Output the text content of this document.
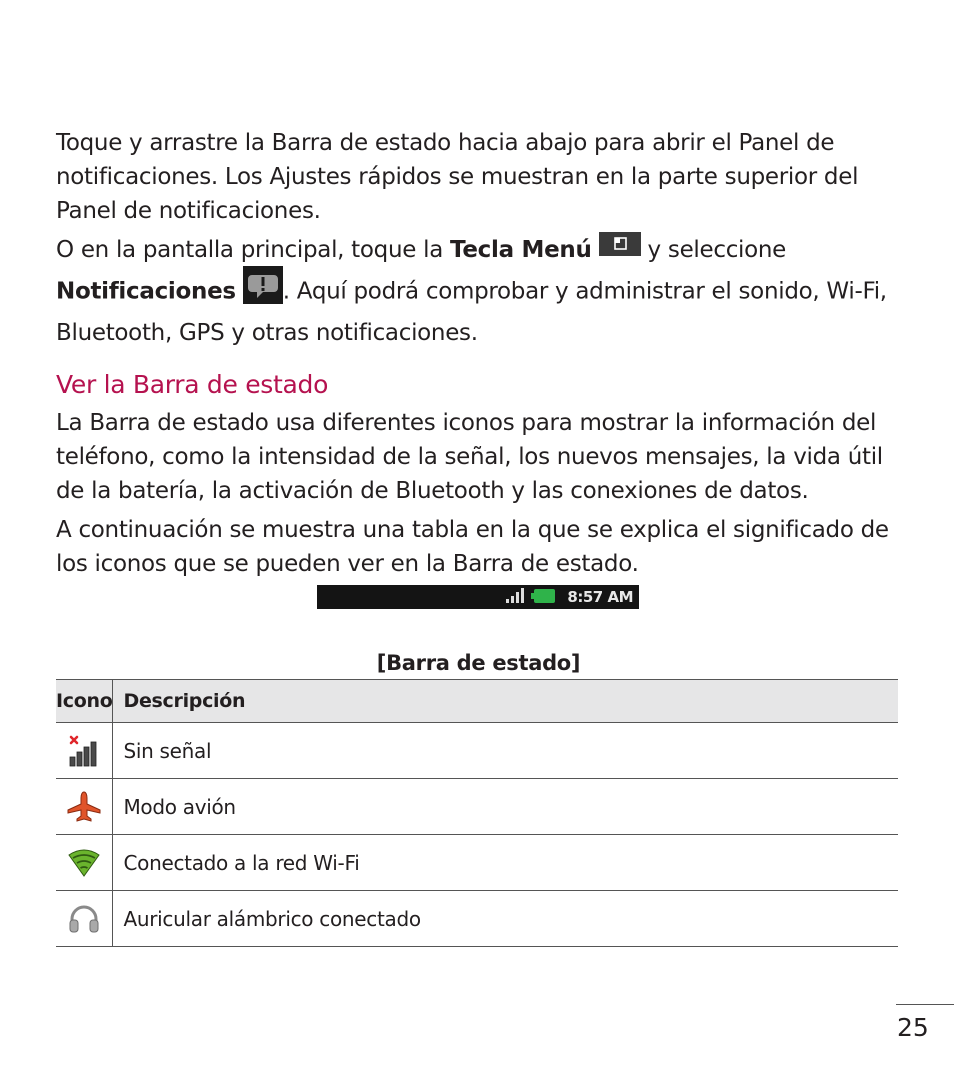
Toque y arrastre la Barra de estado hacia abajo para abrir el Panel de notificaciones. Los Ajustes rápidos se muestran en la parte superior del Panel de notificaciones.

O en la pantalla principal, toque la Tecla Menú  y seleccione Notificaciones . Aquí podrá comprobar y administrar el sonido, Wi-Fi, Bluetooth, GPS y otras notificaciones.

Ver la Barra de estado

La Barra de estado usa diferentes iconos para mostrar la información del teléfono, como la intensidad de la señal, los nuevos mensajes, la vida útil de la batería, la activación de Bluetooth y las conexiones de datos.

A continuación se muestra una tabla en la que se explica el significado de los iconos que se pueden ver en la Barra de estado.

8:57 AM
[Barra de estado]
Icono	Descripción

	Sin señal

	Modo avión

	Conectado a la red Wi-Fi

	Auricular alámbrico conectado
25
